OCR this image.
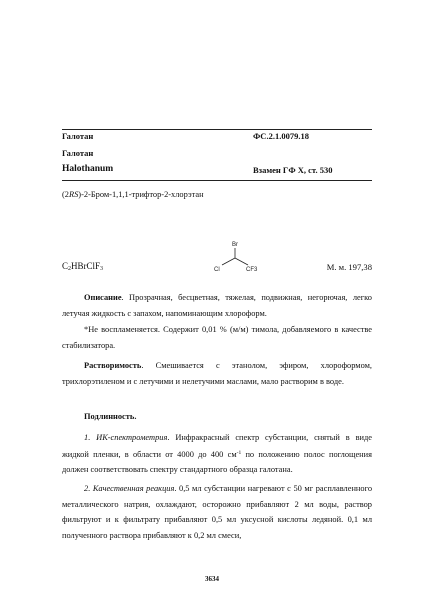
Галотан	ФС.2.1.0079.18
Галотан
Halothanum	Взамен ГФ X, ст. 530
(2RS)-2-Бром-1,1,1-трифтор-2-хлорэтан
Br
Cl	CF3
C2HBrClF3	М. м. 197,38

Описание. Прозрачная, бесцветная, тяжелая, подвижная, негорючая, легко летучая жидкость с запахом, напоминающим хлороформ.

*Не воспламеняется. Содержит 0,01 % (м/м) тимола, добавляемого в качестве стабилизатора.

Растворимость. Смешивается с этанолом, эфиром, хлороформом, трихлорэтиленом и с летучими и нелетучими маслами, мало растворим в воде.

Подлинность.

1. ИК-спектрометрия. Инфракрасный спектр субстанции, снятый в виде жидкой пленки, в области от 4000 до 400 $см^{-1}$ по положению полос поглощения должен соответствовать спектру стандартного образца галотана.

2. Качественная реакция. 0,5 мл субстанции нагревают с 50 мг расплавленного металлического натрия, охлаждают, осторожно прибавляют 2 мл воды, раствор фильтруют и к фильтрату прибавляют 0,5 мл уксусной кислоты ледяной. 0,1 мл полученного раствора прибавляют к 0,2 мл смеси,

3634
